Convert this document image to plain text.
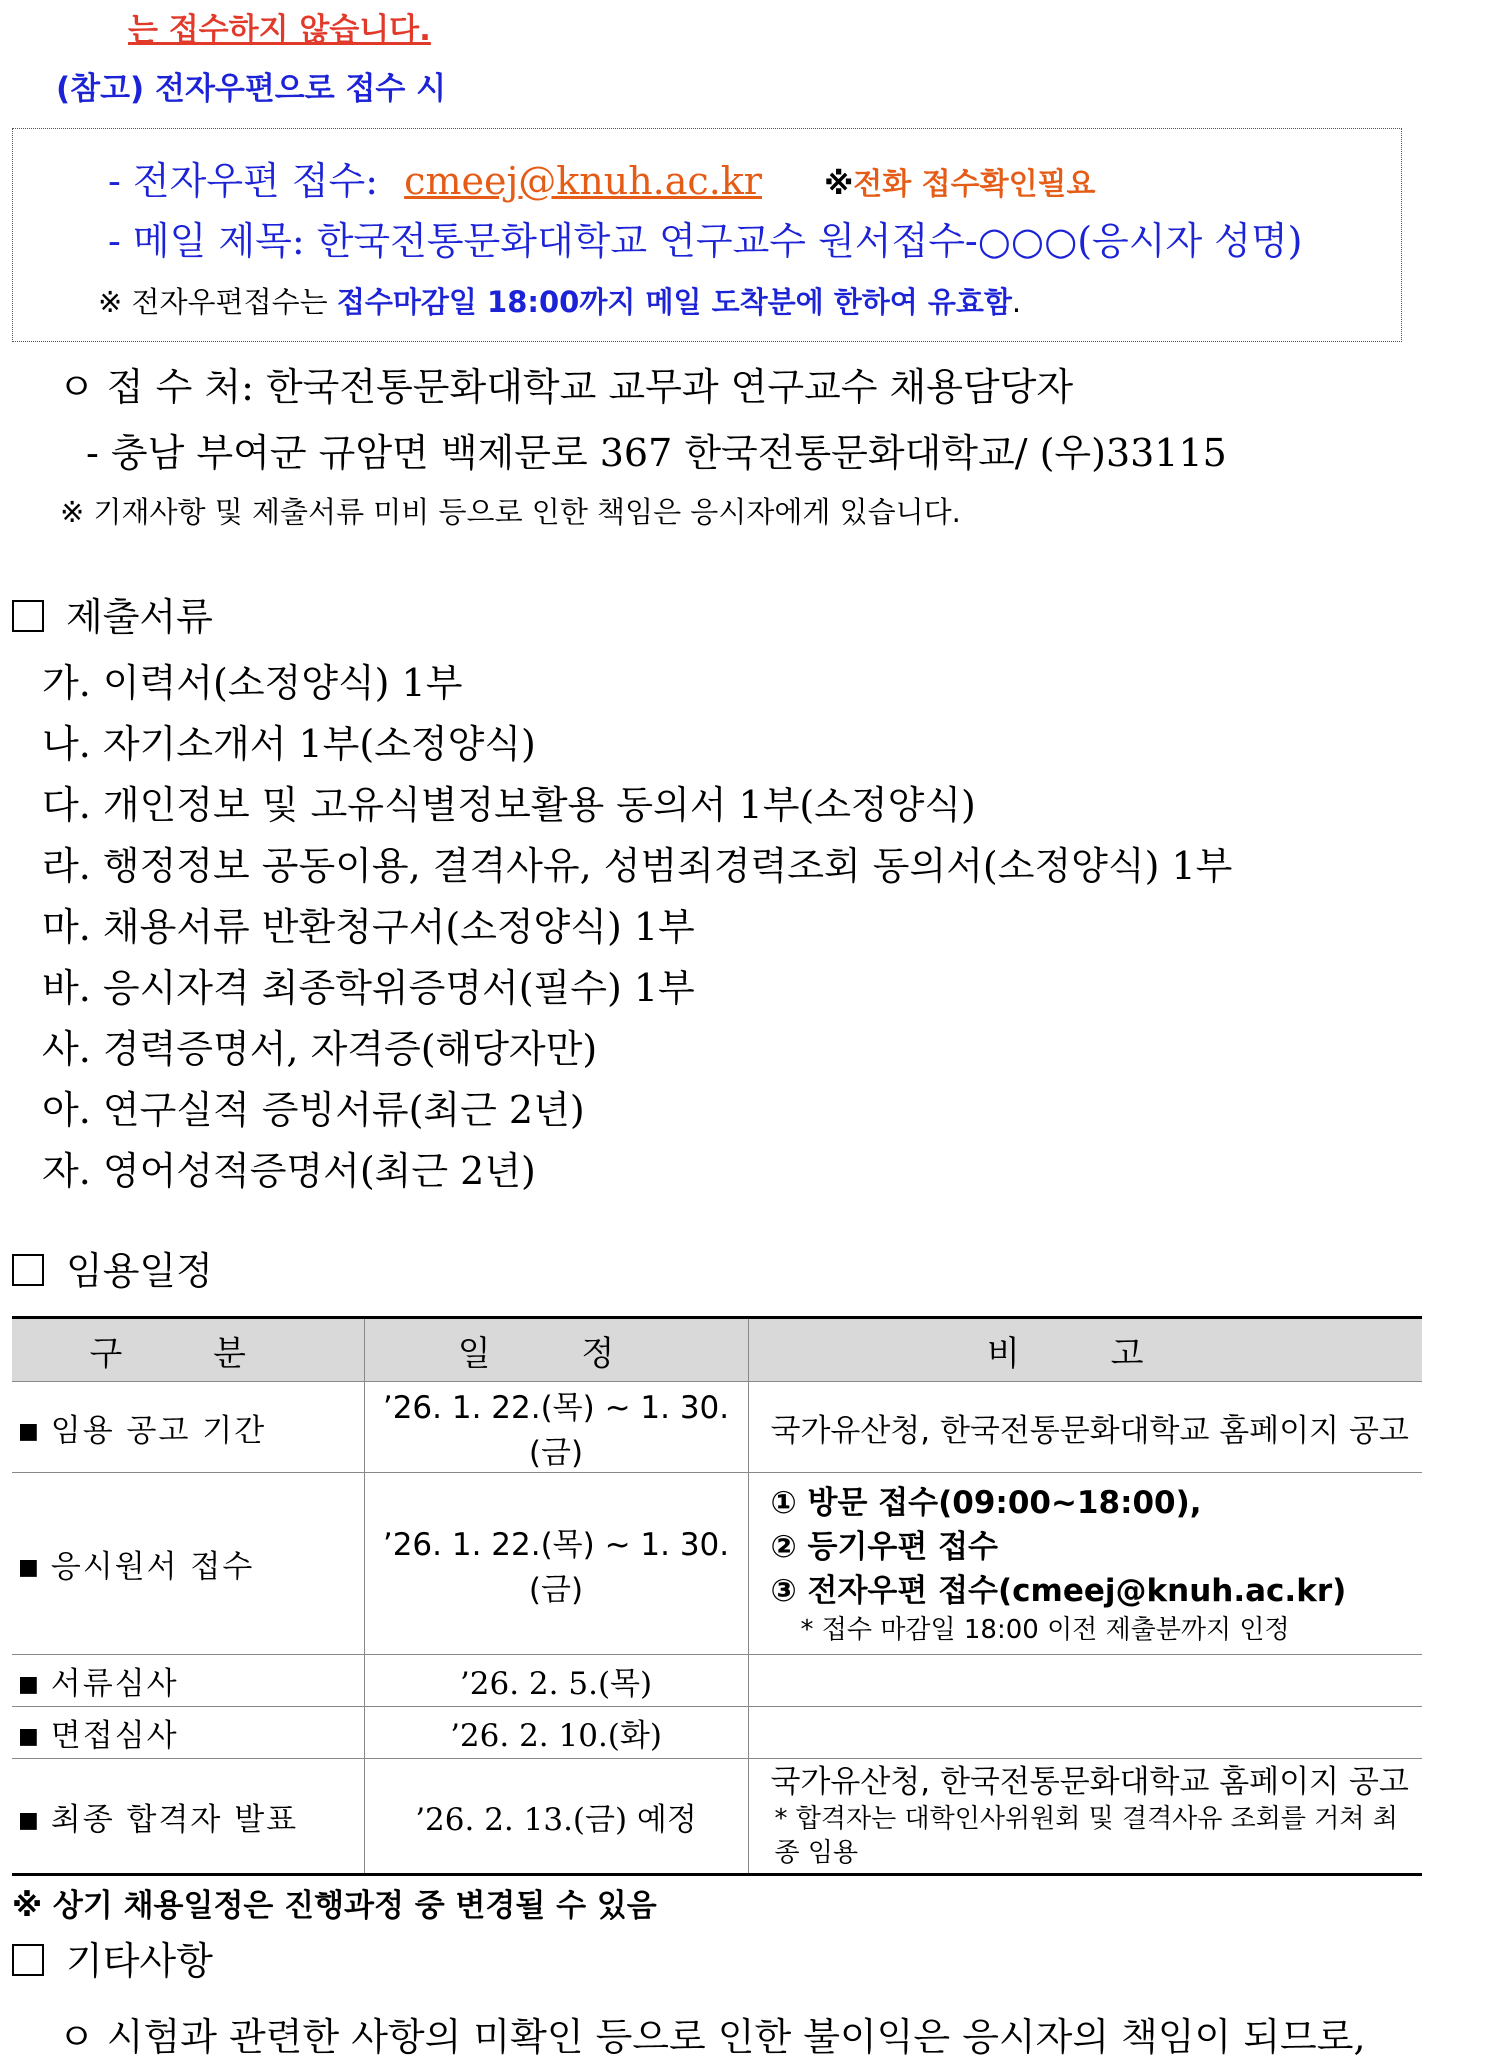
는 접수하지 않습니다.
(참고) 전자우편으로 접수 시
- 전자우편 접수: cmeej@knuh.ac.kr ※전화 접수확인필요
- 메일 제목: 한국전통문화대학교 연구교수 원서접수-○○○(응시자 성명)
※ 전자우편접수는 접수마감일 18:00까지 메일 도착분에 한하여 유효함.
ㅇ 접 수 처: 한국전통문화대학교 교무과 연구교수 채용담당자
- 충남 부여군 규암면 백제문로 367 한국전통문화대학교/ (우)33115
※ 기재사항 및 제출서류 미비 등으로 인한 책임은 응시자에게 있습니다.
제출서류
가. 이력서(소정양식) 1부
나. 자기소개서 1부(소정양식)
다. 개인정보 및 고유식별정보활용 동의서 1부(소정양식)
라. 행정정보 공동이용, 결격사유, 성범죄경력조회 동의서(소정양식) 1부
마. 채용서류 반환청구서(소정양식) 1부
바. 응시자격 최종학위증명서(필수) 1부
사. 경력증명서, 자격증(해당자만)
아. 연구실적 증빙서류(최근 2년)
자. 영어성적증명서(최근 2년)
임용일정
구 분	일 정	비 고
■ 임용 공고 기간	’26. 1. 22.(목) ~ 1. 30.(금)	국가유산청, 한국전통문화대학교 홈페이지 공고
■ 응시원서 접수	’26. 1. 22.(목) ~ 1. 30.(금)	① 방문 접수(09:00~18:00),
② 등기우편 접수
③ 전자우편 접수(cmeej@knuh.ac.kr)
* 접수 마감일 18:00 이전 제출분까지 인정

■ 서류심사	’26. 2. 5.(목)	
■ 면접심사	’26. 2. 10.(화)	
■ 최종 합격자 발표	’26. 2. 13.(금) 예정	국가유산청, 한국전통문화대학교 홈페이지 공고
* 합격자는 대학인사위원회 및 결격사유 조회를 거쳐 최종 임용
※ 상기 채용일정은 진행과정 중 변경될 수 있음
기타사항
ㅇ 시험과 관련한 사항의 미확인 등으로 인한 불이익은 응시자의 책임이 되므로,
